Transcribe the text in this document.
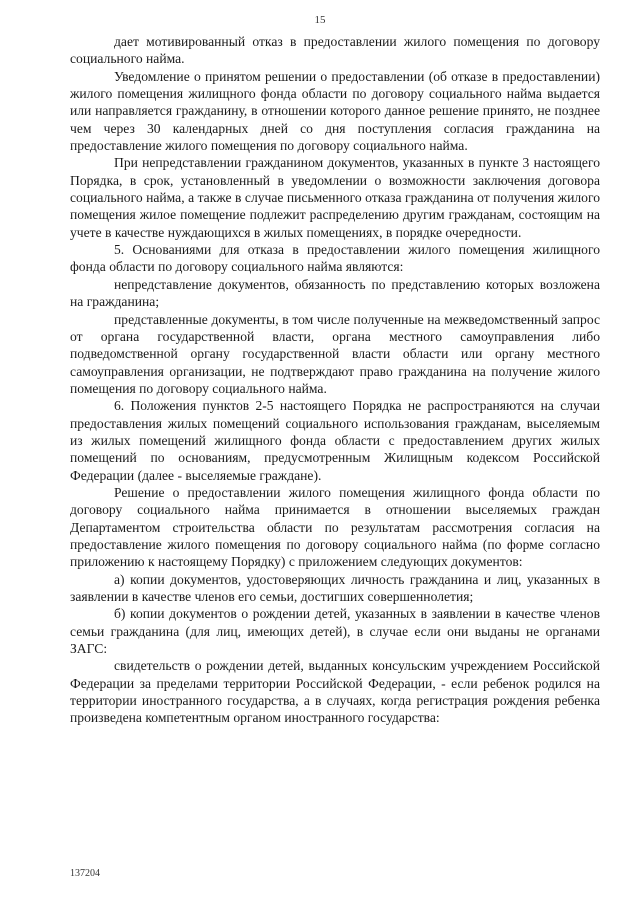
15

дает мотивированный отказ в предоставлении жилого помещения по договору социального найма.

Уведомление о принятом решении о предоставлении (об отказе в предоставлении) жилого помещения жилищного фонда области по договору социального найма выдается или направляется гражданину, в отношении которого данное решение принято, не позднее чем через 30 календарных дней со дня поступления согласия гражданина на предоставление жилого помещения по договору социального найма.

При непредставлении гражданином документов, указанных в пункте 3 настоящего Порядка, в срок, установленный в уведомлении о возможности заключения договора социального найма, а также в случае письменного отказа гражданина от получения жилого помещения жилое помещение подлежит распределению другим гражданам, состоящим на учете в качестве нуждающихся в жилых помещениях, в порядке очередности.

5. Основаниями для отказа в предоставлении жилого помещения жилищного фонда области по договору социального найма являются:

непредставление документов, обязанность по представлению которых возложена на гражданина;

представленные документы, в том числе полученные на межведомственный запрос от органа государственной власти, органа местного самоуправления либо подведомственной органу государственной власти области или органу местного самоуправления организации, не подтверждают право гражданина на получение жилого помещения по договору социального найма.

6. Положения пунктов 2-5 настоящего Порядка не распространяются на случаи предоставления жилых помещений социального использования гражданам, выселяемым из жилых помещений жилищного фонда области с предоставлением других жилых помещений по основаниям, предусмотренным Жилищным кодексом Российской Федерации (далее - выселяемые граждане).

Решение о предоставлении жилого помещения жилищного фонда области по договору социального найма принимается в отношении выселяемых граждан Департаментом строительства области по результатам рассмотрения согласия на предоставление жилого помещения по договору социального найма (по форме согласно приложению к настоящему Порядку) с приложением следующих документов:

а) копии документов, удостоверяющих личность гражданина и лиц, указанных в заявлении в качестве членов его семьи, достигших совершеннолетия;

б) копии документов о рождении детей, указанных в заявлении в качестве членов семьи гражданина (для лиц, имеющих детей), в случае если они выданы не органами ЗАГС:

свидетельств о рождении детей, выданных консульским учреждением Российской Федерации за пределами территории Российской Федерации, - если ребенок родился на территории иностранного государства, а в случаях, когда регистрация рождения ребенка произведена компетентным органом иностранного государства:

137204
